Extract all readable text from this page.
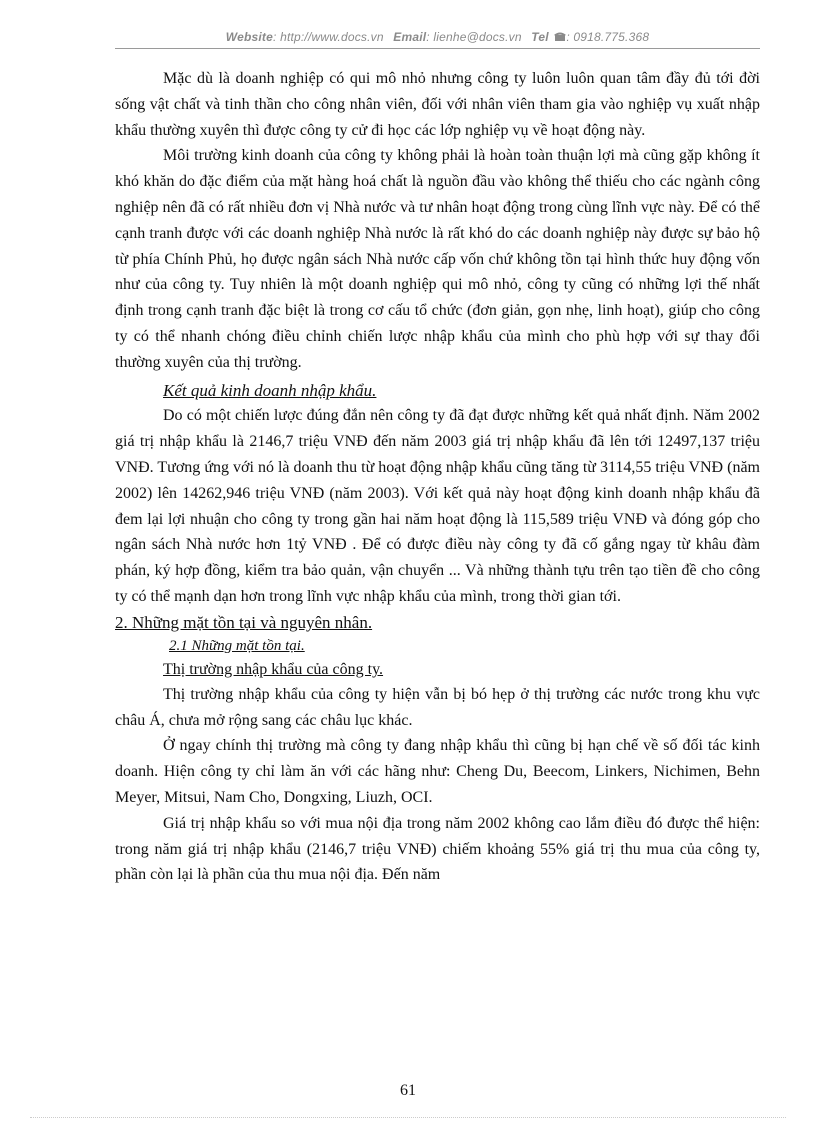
Website: http://www.docs.vn Email: lienhe@docs.vn Tel : 0918.775.368

Mặc dù là doanh nghiệp có qui mô nhỏ nhưng công ty luôn luôn quan tâm đầy đủ tới đời sống vật chất và tinh thần cho công nhân viên, đối với nhân viên tham gia vào nghiệp vụ xuất nhập khẩu thường xuyên thì được công ty cử đi học các lớp nghiệp vụ về hoạt động này.

Môi trường kinh doanh của công ty không phải là hoàn toàn thuận lợi mà cũng gặp không ít khó khăn do đặc điểm của mặt hàng hoá chất là nguồn đầu vào không thể thiếu cho các ngành công nghiệp nên đã có rất nhiều đơn vị Nhà nước và tư nhân hoạt động trong cùng lĩnh vực này. Để có thể cạnh tranh được với các doanh nghiệp Nhà nước là rất khó do các doanh nghiệp này được sự bảo hộ từ phía Chính Phủ, họ được ngân sách Nhà nước cấp vốn chứ không tồn tại hình thức huy động vốn như của công ty. Tuy nhiên là một doanh nghiệp qui mô nhỏ, công ty cũng có những lợi thế nhất định trong cạnh tranh đặc biệt là trong cơ cấu tổ chức (đơn giản, gọn nhẹ, linh hoạt), giúp cho công ty có thể nhanh chóng điều chỉnh chiến lược nhập khẩu của mình cho phù hợp với sự thay đổi thường xuyên của thị trường.

Kết quả kinh doanh nhập khẩu.

Do có một chiến lược đúng đắn nên công ty đã đạt được những kết quả nhất định. Năm 2002 giá trị nhập khẩu là 2146,7 triệu VNĐ đến năm 2003 giá trị nhập khẩu đã lên tới 12497,137 triệu VNĐ. Tương ứng với nó là doanh thu từ hoạt động nhập khẩu cũng tăng từ 3114,55 triệu VNĐ (năm 2002) lên 14262,946 triệu VNĐ (năm 2003). Với kết quả này hoạt động kinh doanh nhập khẩu đã đem lại lợi nhuận cho công ty trong gần hai năm hoạt động là 115,589 triệu VNĐ và đóng góp cho ngân sách Nhà nước hơn 1tỷ VNĐ . Để có được điều này công ty đã cố gắng ngay từ khâu đàm phán, ký hợp đồng, kiểm tra bảo quản, vận chuyển ... Và những thành tựu trên tạo tiền đề cho công ty có thể mạnh dạn hơn trong lĩnh vực nhập khẩu của mình, trong thời gian tới.

2. Những mặt tồn tại và nguyên nhân.

2.1 Những mặt tồn tại.

Thị trường nhập khẩu của công ty.

Thị trường nhập khẩu của công ty hiện vẫn bị bó hẹp ở thị trường các nước trong khu vực châu Á, chưa mở rộng sang các châu lục khác.

Ở ngay chính thị trường mà công ty đang nhập khẩu thì cũng bị hạn chế về số đối tác kinh doanh. Hiện công ty chỉ làm ăn với các hãng như: Cheng Du, Beecom, Linkers, Nichimen, Behn Meyer, Mitsui, Nam Cho, Dongxing, Liuzh, OCI.

Giá trị nhập khẩu so với mua nội địa trong năm 2002 không cao lắm điều đó được thể hiện: trong năm giá trị nhập khẩu (2146,7 triệu VNĐ) chiếm khoảng 55% giá trị thu mua của công ty, phần còn lại là phần của thu mua nội địa. Đến năm

61
